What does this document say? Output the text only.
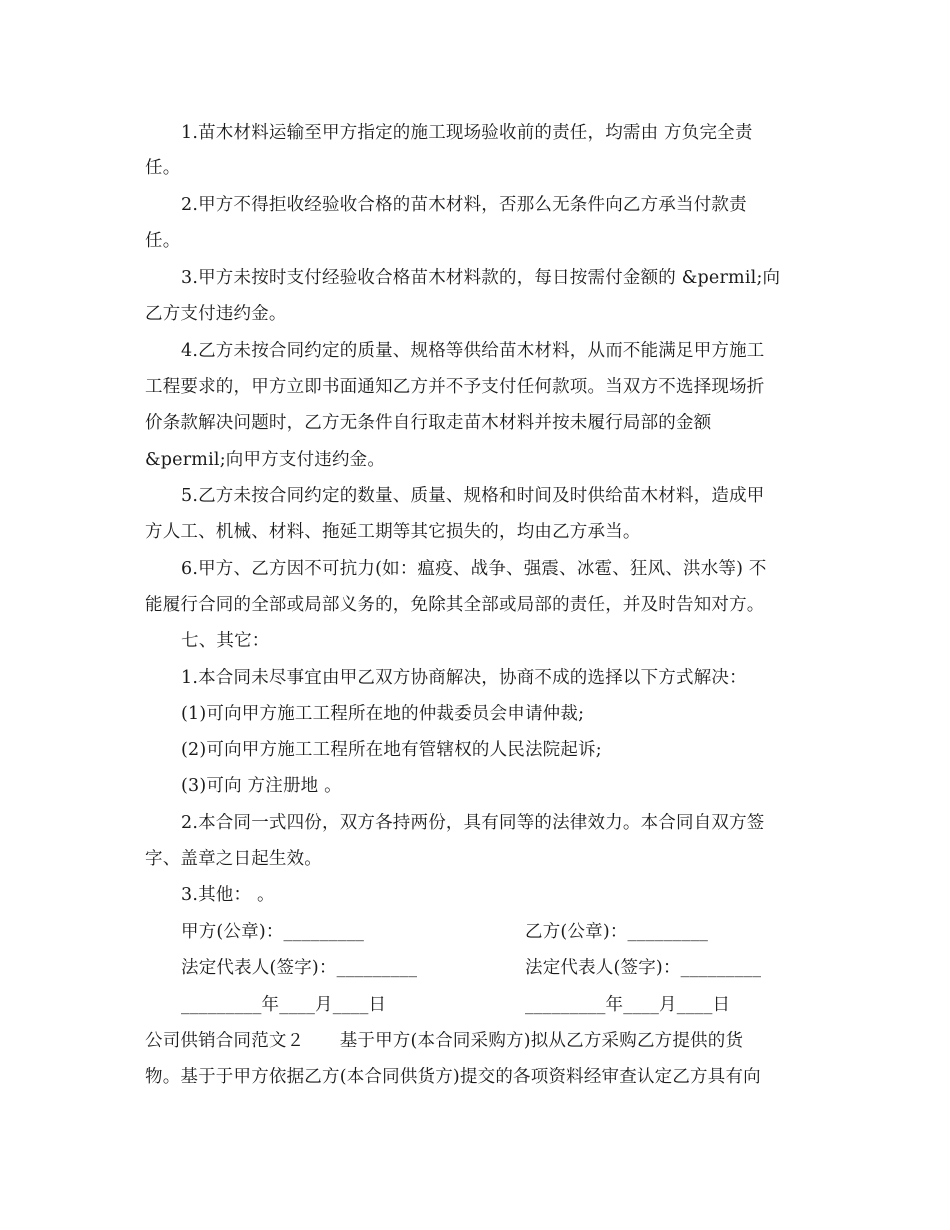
1.苗木材料运输至甲方指定的施工现场验收前的责任，均需由 方负完全责
任。
2.甲方不得拒收经验收合格的苗木材料，否那么无条件向乙方承当付款责
任。
3.甲方未按时支付经验收合格苗木材料款的，每日按需付金额的 &permil;向
乙方支付违约金。
4.乙方未按合同约定的质量、规格等供给苗木材料，从而不能满足甲方施工
工程要求的，甲方立即书面通知乙方并不予支付任何款项。当双方不选择现场折
价条款解决问题时，乙方无条件自行取走苗木材料并按未履行局部的金额
&permil;向甲方支付违约金。
5.乙方未按合同约定的数量、质量、规格和时间及时供给苗木材料，造成甲
方人工、机械、材料、拖延工期等其它损失的，均由乙方承当。
6.甲方、乙方因不可抗力(如：瘟疫、战争、强震、冰雹、狂风、洪水等) 不
能履行合同的全部或局部义务的，免除其全部或局部的责任，并及时告知对方。
七、其它：
1.本合同未尽事宜由甲乙双方协商解决，协商不成的选择以下方式解决：
(1)可向甲方施工工程所在地的仲裁委员会申请仲裁;
(2)可向甲方施工工程所在地有管辖权的人民法院起诉;
(3)可向 方注册地 。
2.本合同一式四份，双方各持两份，具有同等的法律效力。本合同自双方签
字、盖章之日起生效。
3.其他： 。
甲方(公章)：_________	乙方(公章)：_________
法定代表人(签字)：_________	法定代表人(签字)：_________
_________年____月____日	_________年____月____日
公司供销合同范文２　　基于甲方(本合同采购方)拟从乙方采购乙方提供的货
物。基于于甲方依据乙方(本合同供货方)提交的各项资料经审查认定乙方具有向
